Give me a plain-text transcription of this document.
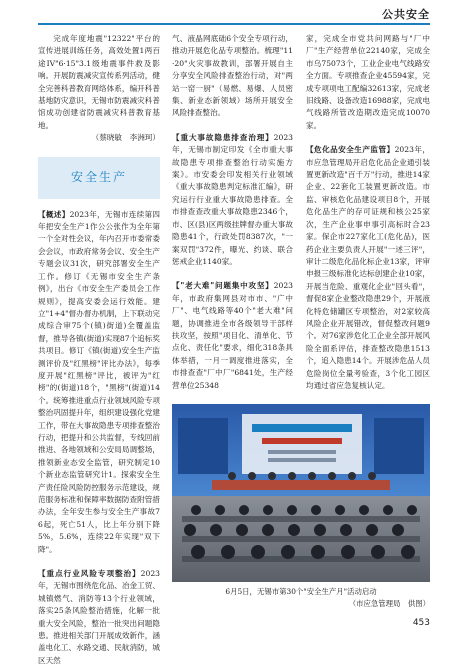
公共安全

完成年度地震"12322"平台的宣传进展训练任务，高效处置1两百途IV"6·15"3.1级地震事件救及影响。开展防震减灾宣传系列活动，健全完善科普教育网络体系，编开科普基地防灾意识，无锡市防震减灾科普馆成功创建省防震减灾科普教育基地。

（蔡晓敏　李洲珂）

安全生产

【概述】2023年，无锡市连续第四年把安全生产1作公公张作为全年第一个全对性会议，年内召开市委常委会会议，市政府常务会议、安全生产专题会议31次，研究部署安全生产工作。修订《无锡市安全生产条例》，出台《市安全生产委员会工作规则》，提高安委会运行效能。建立"1+4"督办督办机制，上下联动完成综合审75个(镇)街道)全覆盖监督，推导各镇(街道)实现87个追标奖共项目。修订《镇(街道)安全生产监测评价及"红黑榜"评比办法》，每季度开展"红黑榜"评比，被评为"红榜"的(街道)18个，"黑榜"(街道)14个。统筹推进重点行业领域风险专项整治巩固提升年，组织建设强化党建工作，带在大事故隐患专项排查整治行动，把提升和公共监督，专线回前推进、各地领域和公安局局调整场，推领新业态安全监管，研究制定10个新业态监管研究计1。探索安全生产责任险风险防控服务示范建设，规范服务标准和保障率数据防查附管措办法，全年安生参与安全生产事故76起，死亡51人，比上年分别下降5%，5.6%，连续22年实现"双下降"。

【重点行业风险专项整治】2023年，无锡市围绕危化品、冶金工贸、城镇燃气、消防等13个行业领域，落实25条风险整治措施，化解一批重大安全风险，整治一批突出问题隐患。推进相关部门开展成效新作，涵盖电化工、水路交通、民航消防，城区天然

气、液晶网底础6个安全专项行动，推动开展危化品专项整治。梳理"11·20"火灾事故教训，部署开展自主分享安全风险排查整治行动，对"两站一窑一厨"（易燃、易爆、人员密集、新业态新领域）场所开展安全风险排查整治。

【重大事故隐患排查治理】2023年，无锡市制定印发《全市重大事故隐患专项排查整治行动实施方案》。市安委会印发相关行业领域《重大事故隐患判定标准汇编》，研究运行行业重大事故隐患排查。全市排查查改重大事故隐患2346个，市、区(县)区两级挂牌督办重大事故隐患41个，行政处罚8387次，"一案双罚"372件，曝光、约谈、联合惩戒企业1140家。

【"老大难"问题集中攻坚】2023年，市政府集网县对市市、"广中厂"、电气线路等40个"老大难"问题，协调推进全市各级领导干部样扶攻坚，按照"项目化、清单化、节点化、责任化"要求，细化318条具体举措，一月一调度推进落实，全市排查查"厂中厂"6841处，生产经营单位25348

家，完成全市党共问网路与"厂中厂"生产经营单位22140家，完成全市乌75073个，工业企业电气线路安全方面。专项推查企业45594家，完成专项项电工配编32613家，完成老旧线路、设备改造16988家，完成电气线路所管改造期改造完成10070家。

【危化品安全生产监管】2023年，市应急管理局开启危化品企业通引装置更新改造"百千万"行动，推进14家企业、22套化工装置更新改造。市监、审核危化品建设项目8个，开展危化品生产的存可证规和核公25家次，生产企业事申事引高标时合23家。保企市227家化工(危化品)，医药企业主要负责人开展"一述三评"，审计二级危化品化标企业13家，评审申报三级标准化达标创建企业10家，开展当危险、重观化企业"回头看"，督促8家企业整改隐患29个，开展液化特危储罐区专项整治，对2家较高风险企业开展错改，督促整改问题9个。对76家涉危化工企业全部开展风险全面系评估，排查整改隐患1513个，追入隐患14个。开展涉危品人员危险岗位全量考验查，3个化工园区均通过省应急复核认定。

6月5日，无锡市第30个"安全生产月"活动启动
（市应急管理局　供图）
453
